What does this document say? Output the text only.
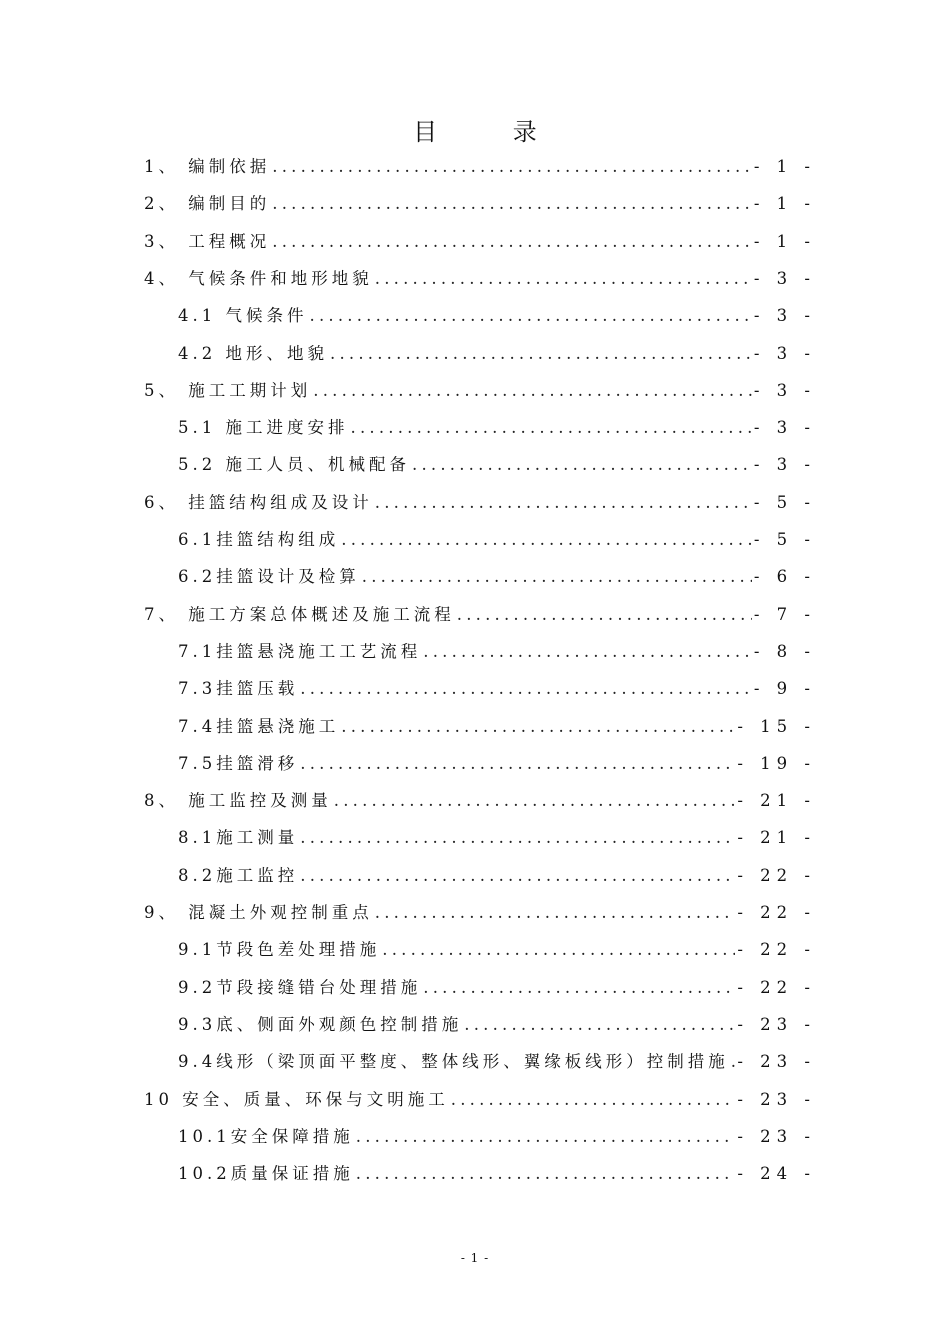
目 录
1、 编制依据 .....	- 1 -
2、 编制目的 .....	- 1 -
3、 工程概况 .....	- 1 -
4、 气候条件和地形地貌 .....	- 3 -
4.1 气候条件 .....	- 3 -
4.2 地形、地貌 .....	- 3 -
5、 施工工期计划 .....	- 3 -
5.1 施工进度安排 .....	- 3 -
5.2 施工人员、机械配备 .....	- 3 -
6、 挂篮结构组成及设计 .....	- 5 -
6.1挂篮结构组成 .....	- 5 -
6.2挂篮设计及检算 .....	- 6 -
7、 施工方案总体概述及施工流程 .....	- 7 -
7.1挂篮悬浇施工工艺流程 .....	- 8 -
7.3挂篮压载 .....	- 9 -
7.4挂篮悬浇施工 .....	- 15 -
7.5挂篮滑移 .....	- 19 -
8、 施工监控及测量 .....	- 21 -
8.1施工测量 .....	- 21 -
8.2施工监控 .....	- 22 -
9、 混凝土外观控制重点 .....	- 22 -
9.1节段色差处理措施 .....	- 22 -
9.2节段接缝错台处理措施 .....	- 22 -
9.3底、侧面外观颜色控制措施 .....	- 23 -
9.4线形（梁顶面平整度、整体线形、翼缘板线形）控制措施 ..... - 23 -
10 安全、质量、环保与文明施工 .....	- 23 -
10.1安全保障措施 .....	- 23 -
10.2质量保证措施 .....	- 24 -
- 1 -
